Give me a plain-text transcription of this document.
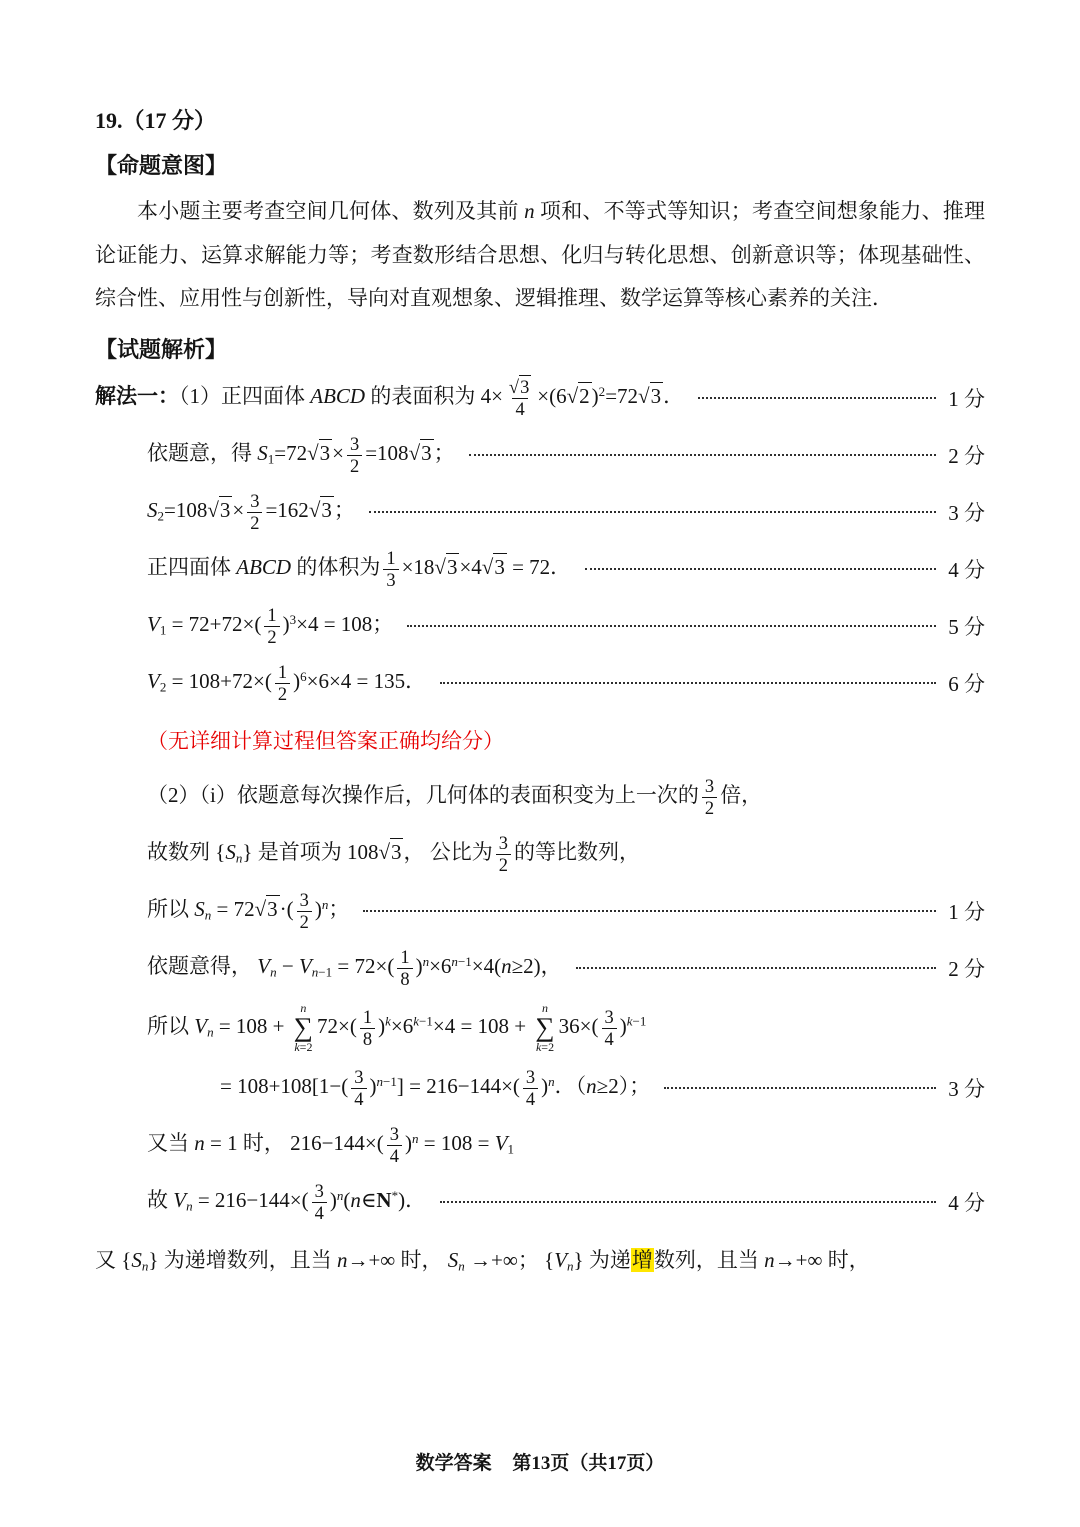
19.（17 分）
【命题意图】

本小题主要考查空间几何体、数列及其前 n 项和、不等式等知识；考查空间想象能力、推理论证能力、运算求解能力等；考查数形结合思想、化归与转化思想、创新意识等；体现基础性、综合性、应用性与创新性，导向对直观想象、逻辑推理、数学运算等核心素养的关注．

【试题解析】
解法一：（1）正四面体 ABCD 的表面积为 $4\times \frac{√3}{4} \times(6√2)^2=72√3$．	1 分
依题意，得 $S_1=72√3\times \frac{3}{2} =108√3$；	2 分
$S_2=108√3\times \frac{3}{2} =162√3$；	3 分
正四面体 ABCD 的体积为 $\frac{1}{3} \times 18√3\times 4√3 = 72$．	4 分
$V_1 = 72+72\times( \frac{1}{2} )^3\times 4 = 108$；	5 分
$V_2 = 108+72\times( \frac{1}{2} )^6\times 6\times 4 = 135$．	6 分
（无详细计算过程但答案正确均给分）
（2）（i）依题意每次操作后，几何体的表面积变为上一次的 $\frac{3}{2}$ 倍，
故数列 $\{S_n\}$ 是首项为 108√3， 公比为 $\frac{3}{2}$ 的等比数列，
所以 $S_n = 72√3\cdot( \frac{3}{2} )^n$；	1 分
依题意得， $V_n - V_{n-1} = 72\times( \frac{1}{8} )^n\times 6^{n-1}\times 4(n\ge 2)$，	2 分
所以 $V_n = 108$ +
n
∑
k=2
$72\times( \frac{1}{8} )^k\times 6^{k-1}\times 4 = 108$ +
n
∑
k=2
$36\times( \frac{3}{4} )^{k-1}$
= $108+108[1-( \frac{3}{4} )^{n-1}] = 216-144\times( \frac{3}{4} )^n$．（n≥2）；	3 分
又当 n = 1 时， $216-144\times( \frac{3}{4} )^n = 108 = V_1$
故 $V_n = 216-144\times( \frac{3}{4}$ )$^n(n\in N^*)$．	4 分
又 $\{S_n\}$ 为递增数列，且当 n→+∞ 时， $S_n$ →+∞； $\{V_n\}$ 为递增数列，且当 n→+∞ 时，
数学答案 第13页（共17页）
